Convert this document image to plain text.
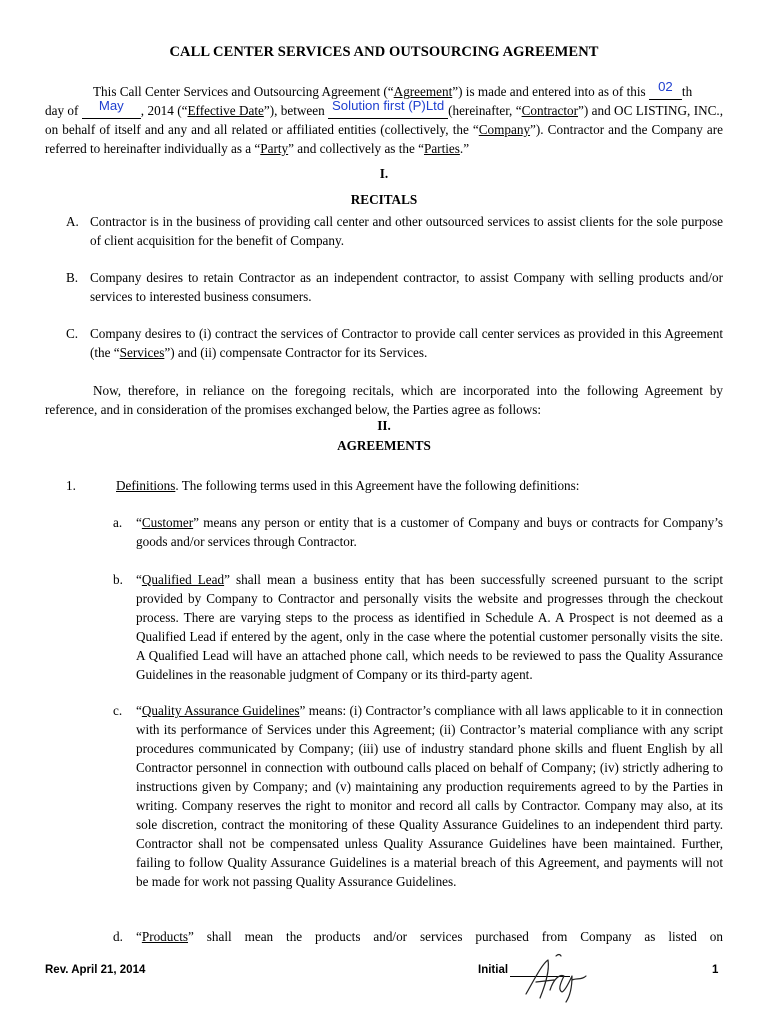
CALL CENTER SERVICES AND OUTSOURCING AGREEMENT
This Call Center Services and Outsourcing Agreement (“Agreement”) is made and entered into as of this 02 th
day of May , 2014 (“Effective Date”), between Solution first (P)Ltd (hereinafter, “Contractor”) and OC LISTING, INC., on behalf of itself and any and all related or affiliated entities (collectively, the “Company”). Contractor and the Company are referred to hereinafter individually as a “Party” and collectively as the “Parties.”
I.
RECITALS
A. Contractor is in the business of providing call center and other outsourced services to assist clients for the sole purpose of client acquisition for the benefit of Company.
B. Company desires to retain Contractor as an independent contractor, to assist Company with selling products and/or services to interested business consumers.
C. Company desires to (i) contract the services of Contractor to provide call center services as provided in this Agreement (the “Services”) and (ii) compensate Contractor for its Services.
Now, therefore, in reliance on the foregoing recitals, which are incorporated into the following Agreement by reference, and in consideration of the promises exchanged below, the Parties agree as follows:
II.
AGREEMENTS
1.	Definitions. The following terms used in this Agreement have the following definitions:
a. “Customer” means any person or entity that is a customer of Company and buys or contracts for Company’s goods and/or services through Contractor.
b. “Qualified Lead” shall mean a business entity that has been successfully screened pursuant to the script provided by Company to Contractor and personally visits the website and progresses through the checkout process. There are varying steps to the process as identified in Schedule A. A Prospect is not deemed as a Qualified Lead if entered by the agent, only in the case where the potential customer personally visits the site. A Qualified Lead will have an attached phone call, which needs to be reviewed to pass the Quality Assurance Guidelines in the reasonable judgment of Company or its third-party agent.
c. “Quality Assurance Guidelines” means: (i) Contractor’s compliance with all laws applicable to it in connection with its performance of Services under this Agreement; (ii) Contractor’s material compliance with any script procedures communicated by Company; (iii) use of industry standard phone skills and fluent English by all Contractor personnel in connection with outbound calls placed on behalf of Company; (iv) strictly adhering to instructions given by Company; and (v) maintaining any production requirements agreed to by the Parties in writing. Company reserves the right to monitor and record all calls by Contractor. Company may also, at its sole discretion, contract the monitoring of these Quality Assurance Guidelines to an independent third party. Contractor shall not be compensated unless Quality Assurance Guidelines have been maintained. Further, failing to follow Quality Assurance Guidelines is a material breach of this Agreement, and payments will not be made for work not passing Quality Assurance Guidelines.
d. “Products” shall mean the products and/or services purchased from Company as listed on
Rev. April 21, 2014	Initial	1
